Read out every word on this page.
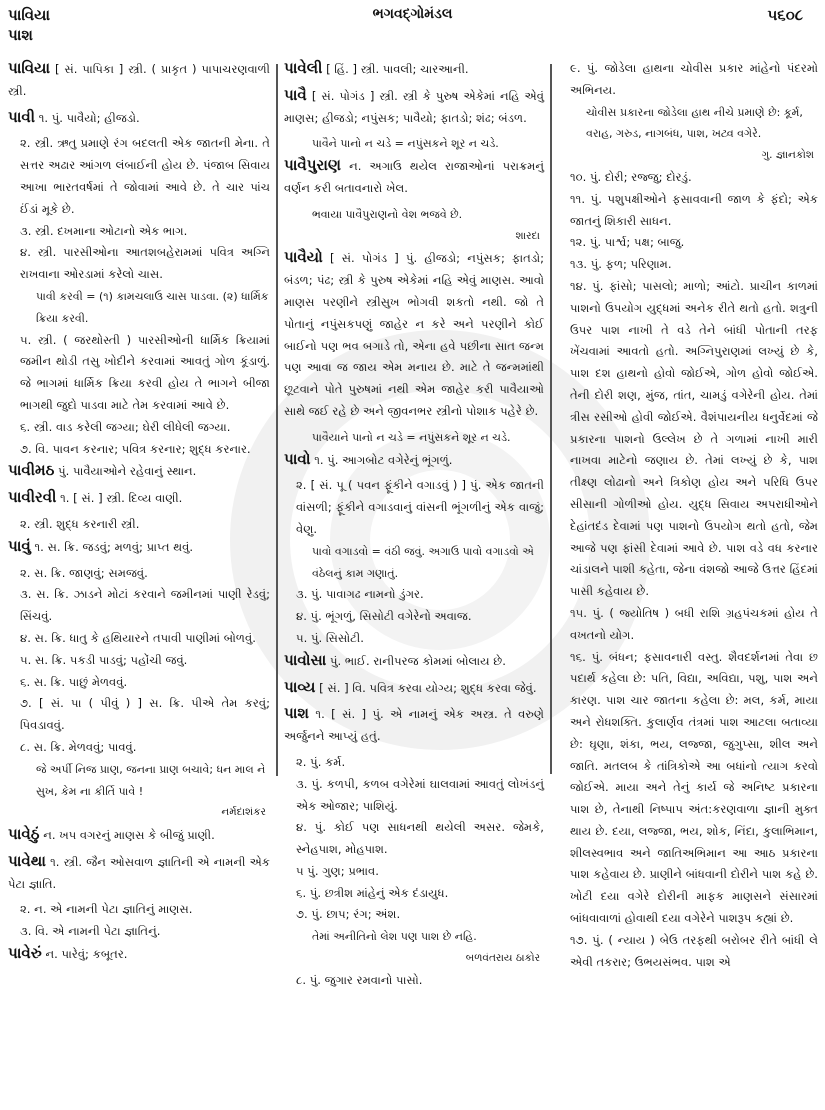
પાવિયા
પાશ
ભગવદ્ગોમંડલ	૫૬૦૮
પાવિયા [ સં. પાપિકા ] સ્ત્રી. ( પ્રાકૃત ) પાપાચરણવાળી સ્ત્રી.
પાવી ૧. પું. પાવૈયો; હીજડો.
૨. સ્ત્રી. ઋતુ પ્રમાણે રંગ બદલતી એક જાતની મેના. તે સત્તર અઢાર આંગળ લંબાઈની હોય છે. પંજાબ સિવાય આખા ભારતવર્ષમાં તે જોવામાં આવે છે. તે ચાર પાંચ ઈંડાં મૂકે છે.
૩. સ્ત્રી. દખમાના ઓટાનો એક ભાગ.
૪. સ્ત્રી. પારસીઓના આતશબહેરામમાં પવિત્ર અગ્નિ રાખવાના ઓરડામાં કરેલો ચાસ.
પાવી કરવી = (૧) કામચલાઉ ચાસ પાડવા. (૨) ધાર્મિક ક્રિયા કરવી.
૫. સ્ત્રી. ( જરથોસ્તી ) પારસીઓની ધાર્મિક ક્રિયામાં જમીન થોડી તસુ ખોદીને કરવામાં આવતું ગોળ કૂંડાળું. જે ભાગમાં ધાર્મિક ક્રિયા કરવી હોય તે ભાગને બીજા ભાગથી જુદો પાડવા માટે તેમ કરવામાં આવે છે.
૬. સ્ત્રી. વાડ કરેલી જગ્યા; ઘેરી લીધેલી જગ્યા.
૭. વિ. પાવન કરનાર; પવિત્ર કરનાર; શુદ્ધ કરનાર.
પાવીમઠ પું. પાવૈયાઓને રહેવાનું સ્થાન.
પાવીરવી ૧. [ સં. ] સ્ત્રી. દિવ્ય વાણી.
૨. સ્ત્રી. શુદ્ધ કરનારી સ્ત્રી.
પાવું ૧. સ. ક્રિ. જડવું; મળવું; પ્રાપ્ત થવું.
૨. સ. ક્રિ. જાણવું; સમજવું.
૩. સ. ક્રિ. ઝાડને મોટાં કરવાને જમીનમાં પાણી રેડવું; સિંચવું.
૪. સ. ક્રિ. ધાતુ કે હથિયારને તપાવી પાણીમાં બોળવું.
૫. સ. ક્રિ. પકડી પાડવું; પહોંચી જવું.
૬. સ. ક્રિ. પાછું મેળવવું.
૭. [ સં. પા ( પીવું ) ] સ. ક્રિ. પીએ તેમ કરવું; પિવડાવવું.
૮. સ. ક્રિ. મેળવવું; પાવવું.
જે અર્પી નિજ પ્રાણ, જનના પ્રાણ બચાવે; ધન માલ ને સુખ, કેમ ના કીર્તિ પાવે !
નર્મદાશંકર
પાવેઠું ન. ખપ વગરનું માણસ કે બીજું પ્રાણી.
પાવેથા ૧. સ્ત્રી. જૈન ઓસવાળ જ્ઞાતિની એ નામની એક પેટા જ્ઞાતિ.
૨. ન. એ નામની પેટા જ્ઞાતિનું માણસ.
૩. વિ. એ નામની પેટા જ્ઞાતિનું.
પાવેરું ન. પારેવું; કબૂતર.
પાવેલી [ હિં. ] સ્ત્રી. પાવલી; ચારઆની.
પાવૈ [ સં. પોગંડ ] સ્ત્રી. સ્ત્રી કે પુરુષ એકેમાં નહિ એવું માણસ; હીજડો; નપુંસક; પાવૈયો; ફાતડો; શંઢ; બંડળ.
પાવૈને પાનો ન ચડે = નપુંસકને શૂર ન ચડે.
પાવૈપુરાણ ન. અગાઉ થયેલ રાજાઓનાં પરાક્રમનું વર્ણન કરી બતાવનારો ખેલ.
ભવાયા પાવૈપુરાણનો વેશ ભજવે છે.
શારદા
પાવૈયો [ સં. પોગંડ ] પું. હીજડો; નપુંસક; ફાતડો; બંડળ; પંઢ; સ્ત્રી કે પુરુષ એકેમાં નહિ એવું માણસ. આવો માણસ પરણીને સ્ત્રીસુખ ભોગવી શકતો નથી. જો તે પોતાનું નપુંસકપણું જાહેર ન કરે અને પરણીને કોઈ બાઈનો પણ ભવ બગાડે તો, એના હવે પછીના સાત જન્મ પણ આવા જ જાય એમ મનાય છે. માટે તે જન્મમાંથી છૂટવાને પોતે પુરુષમાં નથી એમ જાહેર કરી પાવૈયાઓ સાથે જઈ રહે છે અને જીવનભર સ્ત્રીનો પોશાક પહેરે છે.
પાવૈયાને પાનો ન ચડે = નપુંસકને શૂર ન ચડે.
પાવો ૧. પું. આગબોટ વગેરેનું ભૂંગળું.
૨. [ સં. પૂ ( પવન ફૂંકીને વગાડવું ) ] પું. એક જાતની વાંસળી; ફૂંકીને વગાડવાનું વાંસની ભૂંગળીનું એક વાજું; વેણુ.
પાવો વગાડવો = વંઠી જવું. અગાઉ પાવો વગાડવો એ વંઠેલનું કામ ગણાતું.
૩. પું. પાવાગઢ નામનો ડુંગર.
૪. પું. ભૂંગળું, સિસોટી વગેરેનો અવાજ.
૫. પું. સિસોટી.
પાવોસા પું. ભાઈ. રાનીપરજ કોમમાં બોલાય છે.
પાવ્ય [ સં. ] વિ. પવિત્ર કરવા યોગ્ય; શુદ્ધ કરવા જેવું.
પાશ ૧. [ સં. ] પું. એ નામનું એક અસ્ત્ર. તે વરુણે અર્જુનને આપ્યું હતું.
૨. પું. કર્મ.
૩. પું. કળપી, કળબ વગેરેમાં ઘાલવામાં આવતું લોખંડનું એક ઓજાર; પાશિયું.
૪. પું. કોઈ પણ સાધનથી થયેલી અસર. જેમકે, સ્નેહપાશ, મોહપાશ.
૫ પું. ગુણ; પ્રભાવ.
૬. પું. છત્રીશ માંહેનું એક દંડાયુધ.
૭. પું. છાપ; રંગ; અંશ.
તેમાં અનીતિનો લેશ પણ પાશ છે નહિ.
બળવંતરાય ઠાકોર
૮. પું. જુગાર રમવાનો પાસો.
૯. પું. જોડેલા હાથના ચોવીસ પ્રકાર માંહેનો પંદરમો અભિનય.
ચોવીસ પ્રકારના જોડેલા હાથ નીચે પ્રમાણે છે: કૂર્મ, વરાહ, ગરુડ, નાગબંધ, પાશ, ખટ્વ વગેરે.
ગુ. જ્ઞાનકોશ
૧૦. પું. દોરી; રજ્જુ; દોરડું.
૧૧. પું. પશુપક્ષીઓને ફસાવવાની જાળ કે ફંદો; એક જાતનું શિકારી સાધન.
૧૨. પું. પાર્શ્વ; પક્ષ; બાજુ.
૧૩. પું. ફળ; પરિણામ.
૧૪. પું. ફાંસો; પાસલો; માળો; આંટો. પ્રાચીન કાળમાં પાશનો ઉપયોગ યુદ્ધમાં અનેક રીતે થતો હતો. શત્રુની ઉપર પાશ નાખી તે વડે તેને બાંધી પોતાની તરફ ખેંચવામાં આવતો હતો. અગ્નિપુરાણમાં લખ્યું છે કે, પાશ દશ હાથનો હોવો જોઈએ, ગોળ હોવો જોઈએ. તેની દોરી શણ, મુંજ, તાંત, ચામડું વગેરેની હોય. તેમાં ત્રીસ રસીઓ હોવી જોઈએ. વૈશંપાયનીય ધનુર્વેદમાં જે પ્રકારના પાશનો ઉલ્લેખ છે તે ગળામાં નાખી મારી નાખવા માટેનો જણાય છે. તેમાં લખ્યું છે કે, પાશ તીક્ષ્ણ લોઢાનો અને ત્રિકોણ હોય અને પરિધિ ઉપર સીસાની ગોળીઓ હોય. યુદ્ધ સિવાય અપરાધીઓને દેહાંતદંડ દેવામાં પણ પાશનો ઉપયોગ થતો હતો, જેમ આજે પણ ફાંસી દેવામાં આવે છે. પાશ વડે વધ કરનાર ચાંડાલને પાશી કહેતા, જેના વંશજો આજે ઉત્તર હિંદમાં પાસી કહેવાય છે.
૧૫. પું. ( જ્યોતિષ ) બધી રાશિ ગ્રહપંચકમાં હોય તે વખતનો યોગ.
૧૬. પું. બંધન; ફસાવનારી વસ્તુ. શૈવદર્શનમાં તેવા છ પદાર્થ કહેલા છે: પતિ, વિદ્યા, અવિદ્યા, પશુ, પાશ અને કારણ. પાશ ચાર જાતના કહેલા છે: મલ, કર્મ, માયા અને રોધશક્તિ. કુલાર્ણવ તંત્રમાં પાશ આટલા બતાવ્યા છે: ઘૃણા, શંકા, ભય, લજ્જા, જુગુપ્સા, શીલ અને જાતિ. મતલબ કે તાંત્રિકોએ આ બધાંનો ત્યાગ કરવો જોઈએ. માયા અને તેનું કાર્ય જે અનિષ્ટ પ્રકારના પાશ છે, તેનાથી નિષ્પાપ અંત:કરણવાળા જ્ઞાની મુક્ત થાય છે. દયા, લજ્જા, ભય, શોક, નિંદા, કુલાભિમાન, શીલસ્વભાવ અને જાતિઅભિમાન આ આઠ પ્રકારના પાશ કહેવાય છે. પ્રાણીને બાંધવાની દોરીને પાશ કહે છે. ખોટી દયા વગેરે દોરીની માફક માણસને સંસારમાં બાંધવાવાળાં હોવાથી દયા વગેરેને પાશરૂપ કહ્યાં છે.
૧૭. પું. ( ન્યાય ) બેઉ તરફથી બરોબર રીતે બાંધી લે એવી તકરાર; ઉભયસંભવ. પાશ એ
